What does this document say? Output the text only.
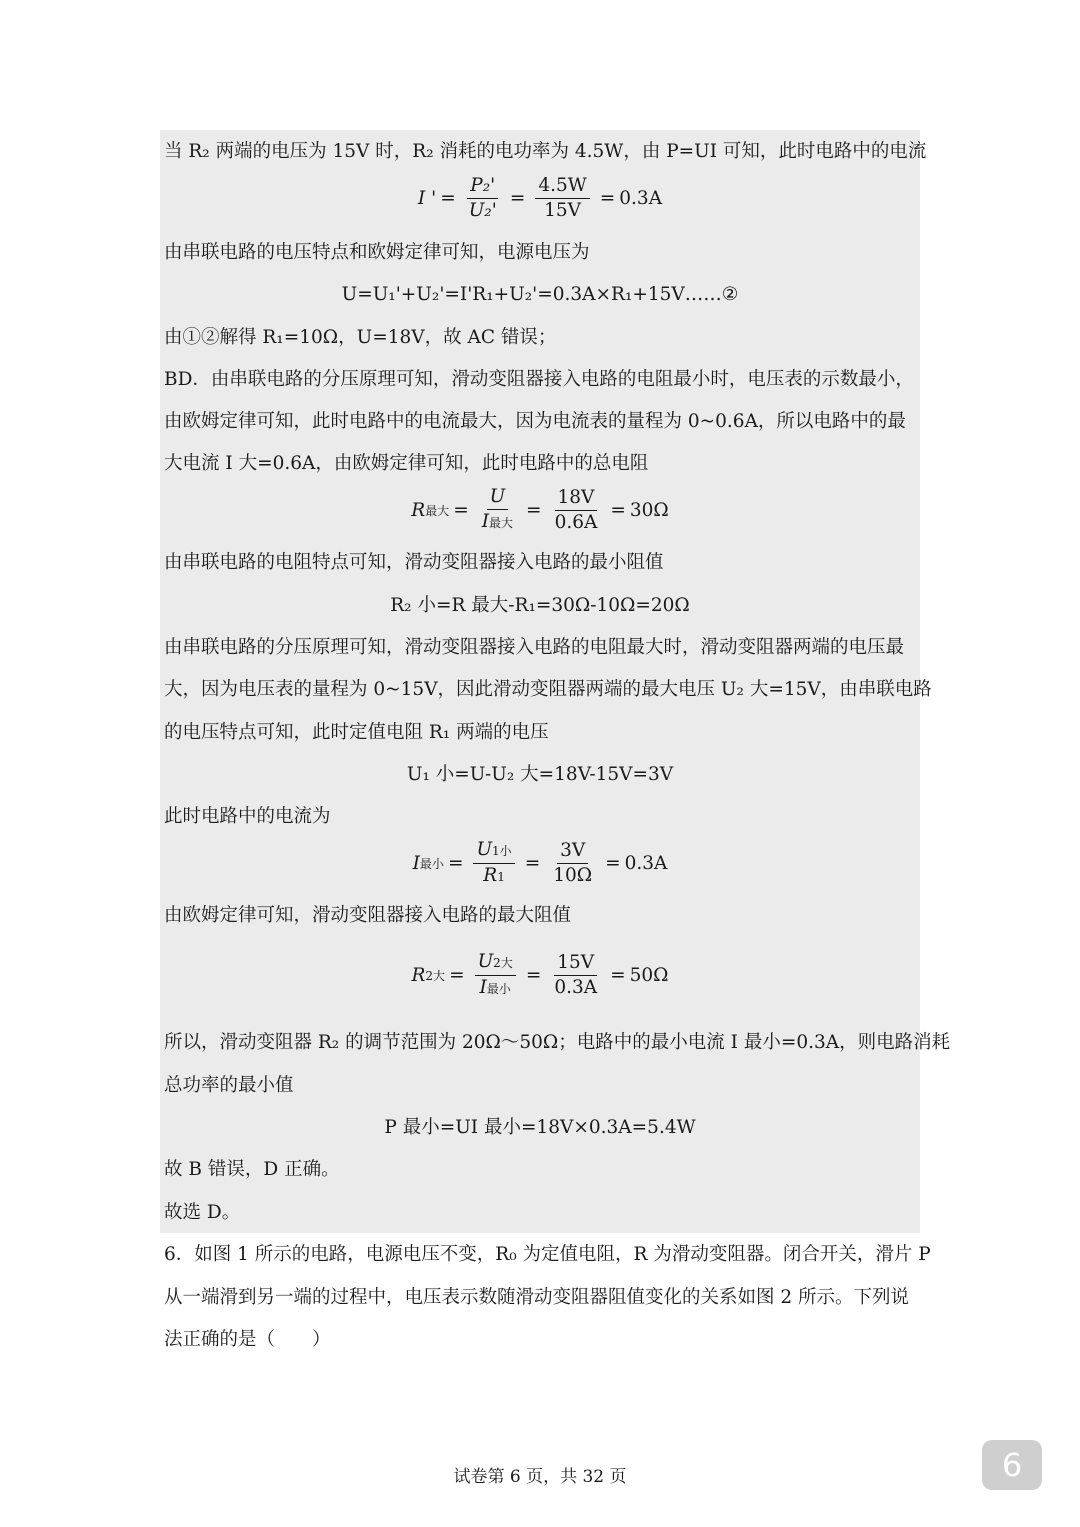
当 R₂ 两端的电压为 15V 时，R₂ 消耗的电功率为 4.5W，由 P=UI 可知，此时电路中的电流
I ' = $\frac{\text{P₂'}}{\text{U₂'}} = \frac{4.5W}{15V} = 0.3A$
由串联电路的电压特点和欧姆定律可知，电源电压为
U=U₁'+U₂'=I'R₁+U₂'=0.3A×R₁+15V……②
由①②解得 R₁=10Ω，U=18V，故 AC 错误；
BD．由串联电路的分压原理可知，滑动变阻器接入电路的电阻最小时，电压表的示数最小，
由欧姆定律可知，此时电路中的电流最大，因为电流表的量程为 0~0.6A，所以电路中的最
大电流 I 大=0.6A，由欧姆定律可知，此时电路中的总电阻
R 最大 = $\frac{U}{\text{I最大}} = \frac{18V}{0.6A} = 30\Omega$
由串联电路的电阻特点可知，滑动变阻器接入电路的最小阻值
R₂ 小=R 最大-R₁=30Ω-10Ω=20Ω
由串联电路的分压原理可知，滑动变阻器接入电路的电阻最大时，滑动变阻器两端的电压最
大，因为电压表的量程为 0~15V，因此滑动变阻器两端的最大电压 U₂ 大=15V，由串联电路
的电压特点可知，此时定值电阻 R₁ 两端的电压
U₁ 小=U-U₂ 大=18V-15V=3V
此时电路中的电流为
I 最小 = $\frac{\text{U1小}}{R1} = \frac{3V}{10\Omega} = 0.3A$
由欧姆定律可知，滑动变阻器接入电路的最大阻值
R 2大 = $\frac{\text{U2大}}{\text{I最小}} = \frac{15V}{0.3A} = 50\Omega$
所以，滑动变阻器 R₂ 的调节范围为 20Ω～50Ω；电路中的最小电流 I 最小=0.3A，则电路消耗
总功率的最小值
P 最小=UI 最小=18V×0.3A=5.4W
故 B 错误，D 正确。
故选 D。
6．如图 1 所示的电路，电源电压不变，R₀ 为定值电阻，R 为滑动变阻器。闭合开关，滑片 P
从一端滑到另一端的过程中，电压表示数随滑动变阻器阻值变化的关系如图 2 所示。下列说
法正确的是（　　）
试卷第 6 页，共 32 页	6
